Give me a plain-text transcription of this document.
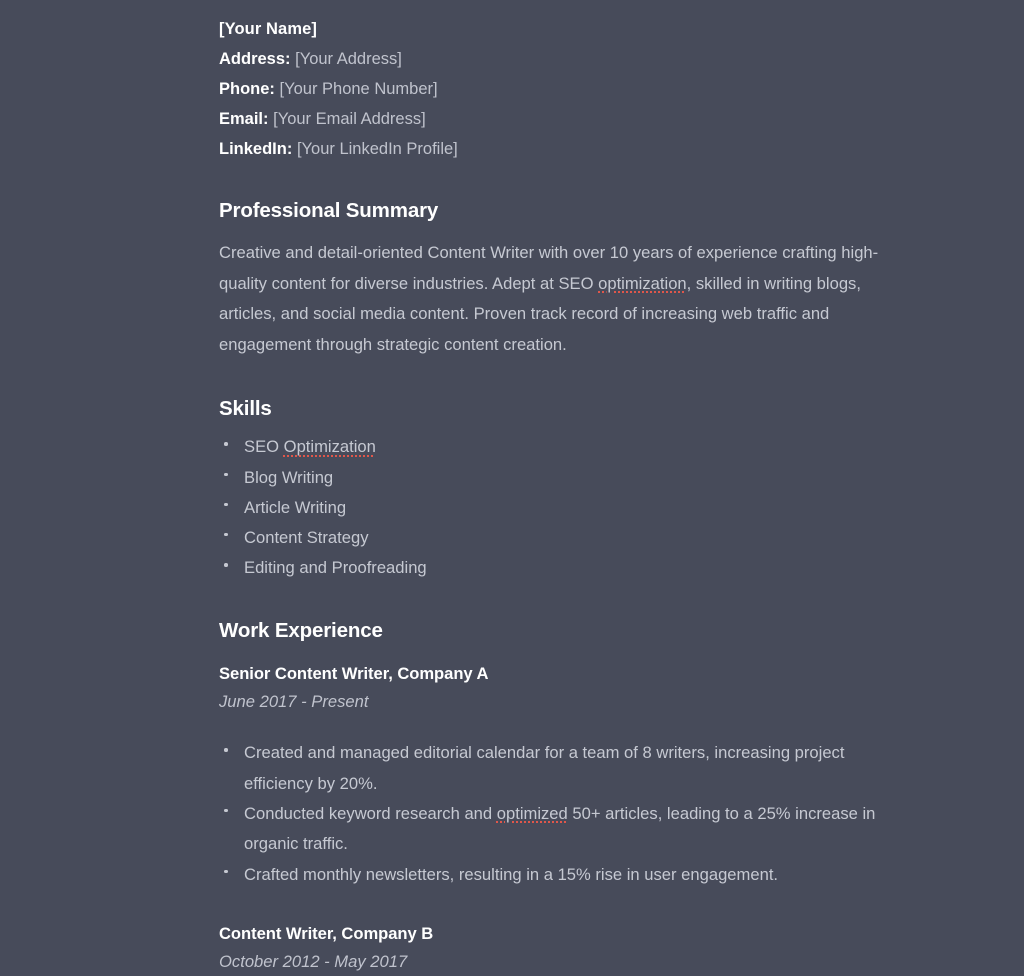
[Your Name]
Address: [Your Address]
Phone: [Your Phone Number]
Email: [Your Email Address]
LinkedIn: [Your LinkedIn Profile]
Professional Summary

Creative and detail-oriented Content Writer with over 10 years of experience crafting high-quality content for diverse industries. Adept at SEO optimization, skilled in writing blogs, articles, and social media content. Proven track record of increasing web traffic and engagement through strategic content creation.

Skills
SEO Optimization
Blog Writing
Article Writing
Content Strategy
Editing and Proofreading
Work Experience
Senior Content Writer, Company A
June 2017 - Present
Created and managed editorial calendar for a team of 8 writers, increasing project efficiency by 20%.
Conducted keyword research and optimized 50+ articles, leading to a 25% increase in organic traffic.
Crafted monthly newsletters, resulting in a 15% rise in user engagement.
Content Writer, Company B
October 2012 - May 2017
